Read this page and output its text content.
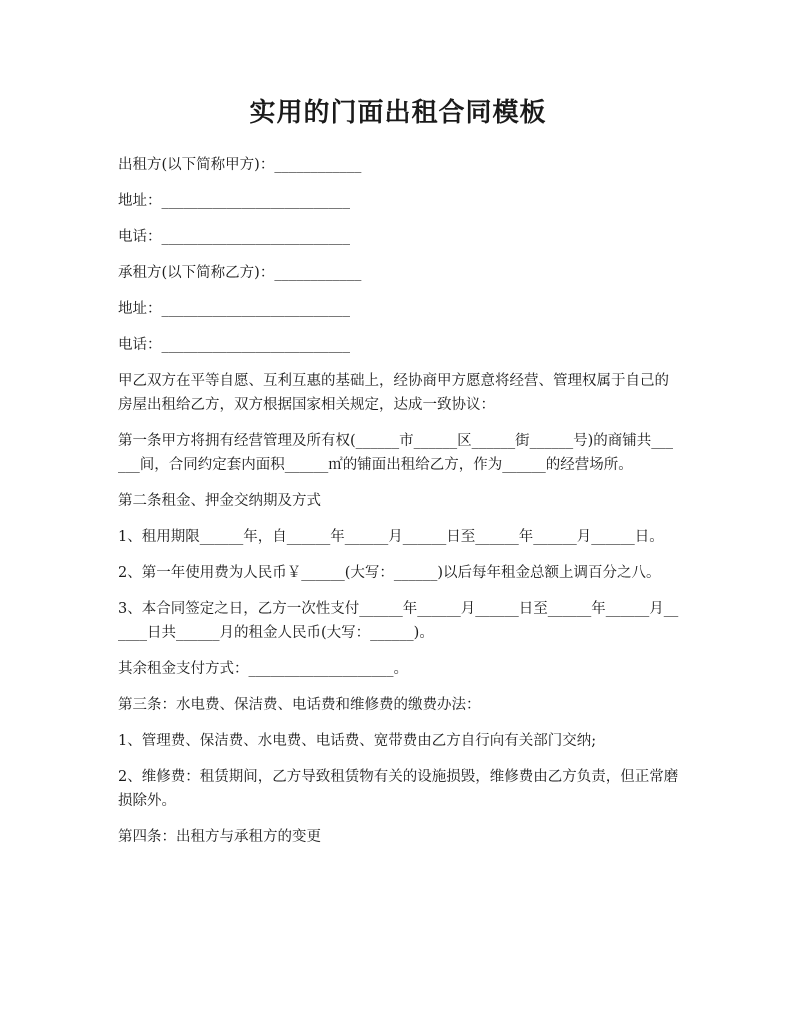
实用的门面出租合同模板

出租方(以下简称甲方)：____________

地址：__________________________

电话：__________________________

承租方(以下简称乙方)：____________

地址：__________________________

电话：__________________________

甲乙双方在平等自愿、互利互惠的基础上，经协商甲方愿意将经营、管理权属于自己的房屋出租给乙方，双方根据国家相关规定，达成一致协议：

第一条甲方将拥有经营管理及所有权(______市______区______街______号)的商铺共______间，合同约定套内面积______㎡的铺面出租给乙方，作为______的经营场所。

第二条租金、押金交纳期及方式

1、租用期限______年，自______年______月______日至______年______月______日。

2、第一年使用费为人民币￥______(大写：______)以后每年租金总额上调百分之八。

3、本合同签定之日，乙方一次性支付______年______月______日至______年______月______日共______月的租金人民币(大写：______)。

其余租金支付方式：____________________。

第三条：水电费、保洁费、电话费和维修费的缴费办法：

1、管理费、保洁费、水电费、电话费、宽带费由乙方自行向有关部门交纳;

2、维修费：租赁期间，乙方导致租赁物有关的设施损毁，维修费由乙方负责，但正常磨损除外。

第四条：出租方与承租方的变更
